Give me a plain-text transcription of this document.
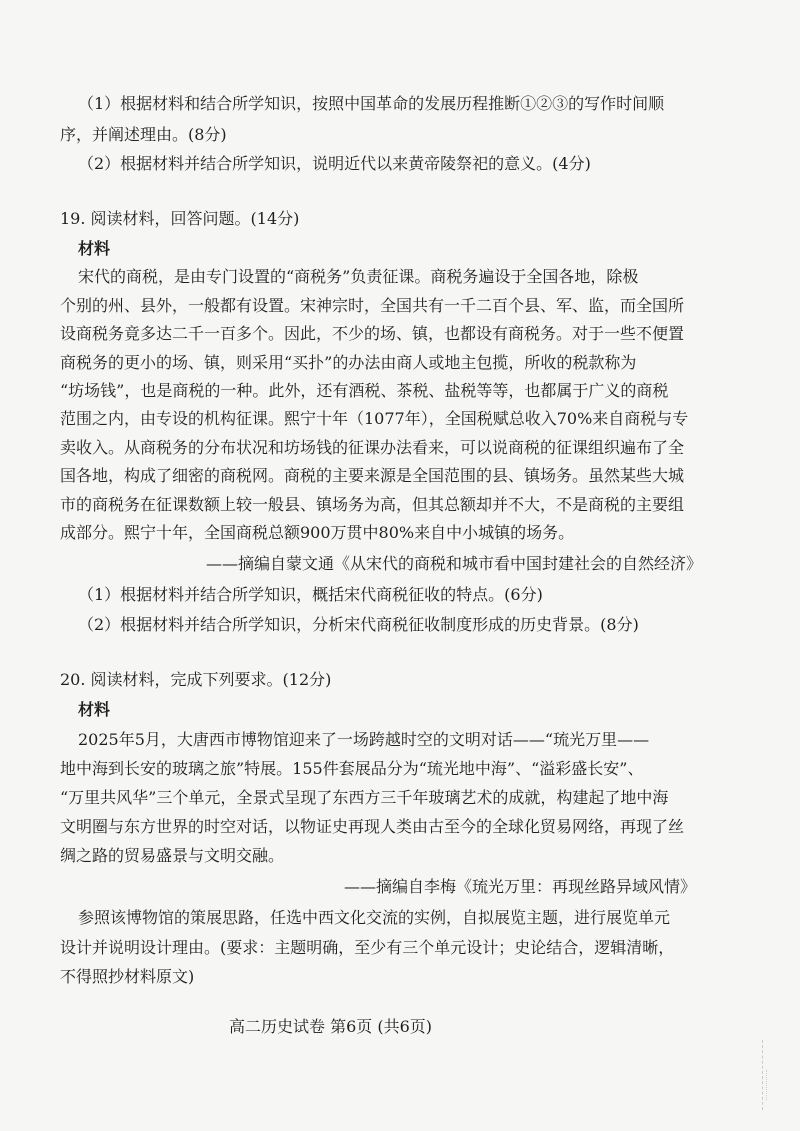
（1）根据材料和结合所学知识，按照中国革命的发展历程推断①②③的写作时间顺
序，并阐述理由。(8分)
（2）根据材料并结合所学知识，说明近代以来黄帝陵祭祀的意义。(4分)
19. 阅读材料，回答问题。(14分)
材料
宋代的商税，是由专门设置的“商税务”负责征课。商税务遍设于全国各地，除极
个别的州、县外，一般都有设置。宋神宗时，全国共有一千二百个县、军、监，而全国所
设商税务竟多达二千一百多个。因此，不少的场、镇，也都设有商税务。对于一些不便置
商税务的更小的场、镇，则采用“买扑”的办法由商人或地主包揽，所收的税款称为
“坊场钱”，也是商税的一种。此外，还有酒税、茶税、盐税等等，也都属于广义的商税
范围之内，由专设的机构征课。熙宁十年（1077年），全国税赋总收入70%来自商税与专
卖收入。从商税务的分布状况和坊场钱的征课办法看来，可以说商税的征课组织遍布了全
国各地，构成了细密的商税网。商税的主要来源是全国范围的县、镇场务。虽然某些大城
市的商税务在征课数额上较一般县、镇场务为高，但其总额却并不大，不是商税的主要组
成部分。熙宁十年，全国商税总额900万贯中80%来自中小城镇的场务。
——摘编自蒙文通《从宋代的商税和城市看中国封建社会的自然经济》
（1）根据材料并结合所学知识，概括宋代商税征收的特点。(6分)
（2）根据材料并结合所学知识，分析宋代商税征收制度形成的历史背景。(8分)
20. 阅读材料，完成下列要求。(12分)
材料
2025年5月，大唐西市博物馆迎来了一场跨越时空的文明对话——“琉光万里——
地中海到长安的玻璃之旅”特展。155件套展品分为“琉光地中海”、“溢彩盛长安”、
“万里共风华”三个单元，全景式呈现了东西方三千年玻璃艺术的成就，构建起了地中海
文明圈与东方世界的时空对话，以物证史再现人类由古至今的全球化贸易网络，再现了丝
绸之路的贸易盛景与文明交融。
——摘编自李梅《琉光万里：再现丝路异域风情》
参照该博物馆的策展思路，任选中西文化交流的实例，自拟展览主题，进行展览单元
设计并说明设计理由。(要求：主题明确，至少有三个单元设计；史论结合，逻辑清晰，
不得照抄材料原文)
高二历史试卷 第6页 (共6页)
